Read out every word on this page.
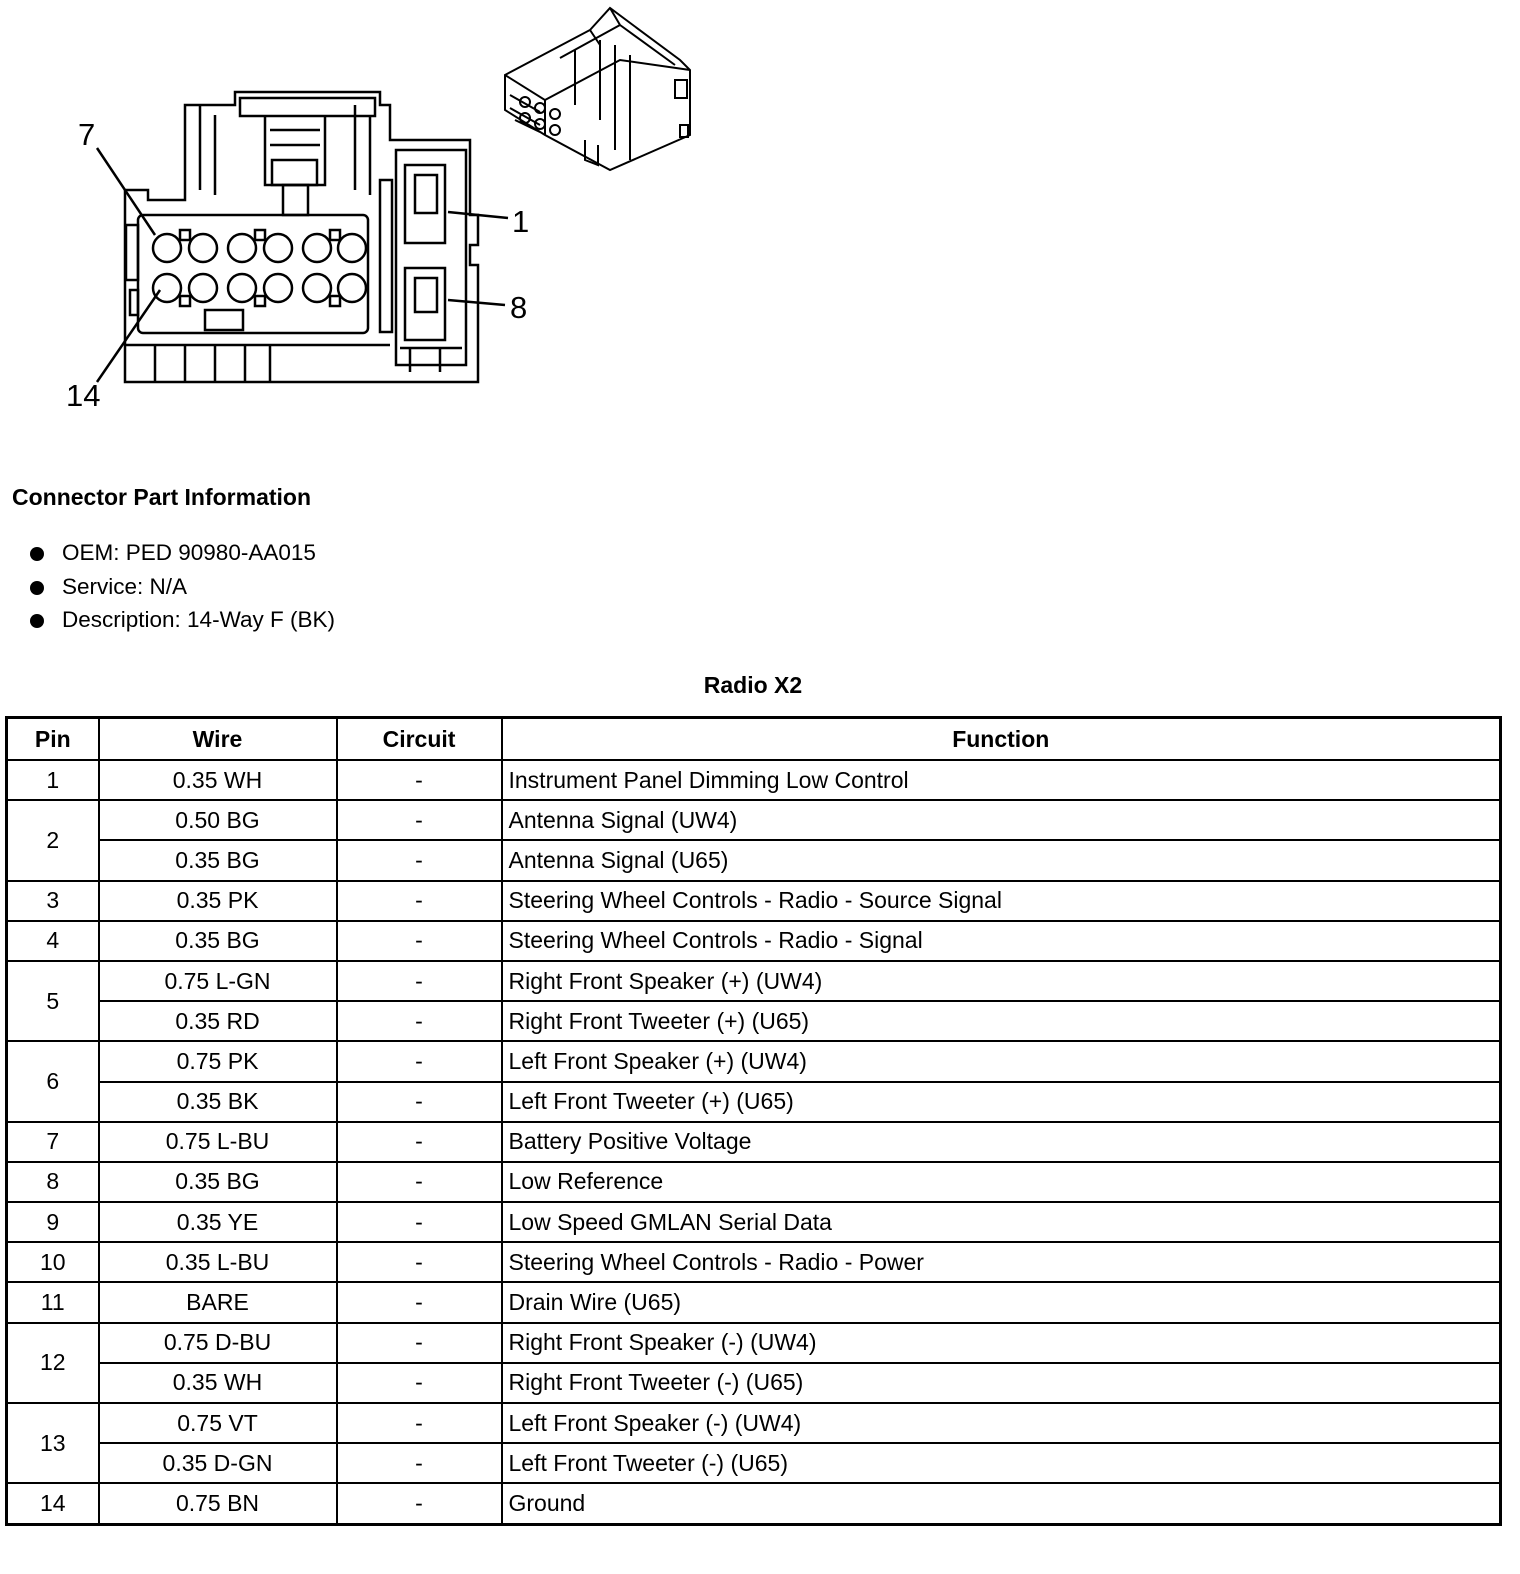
7
1
8
14
Connector Part Information
OEM: PED 90980-AA015
Service: N/A
Description: 14-Way F (BK)
Radio X2
Pin	Wire	Circuit	Function
1	0.35 WH	-	Instrument Panel Dimming Low Control
2	0.50 BG	-	Antenna Signal (UW4)
	0.35 BG	-	Antenna Signal (U65)
3	0.35 PK	-	Steering Wheel Controls - Radio - Source Signal
4	0.35 BG	-	Steering Wheel Controls - Radio - Signal
5	0.75 L-GN	-	Right Front Speaker (+) (UW4)
	0.35 RD	-	Right Front Tweeter (+) (U65)
6	0.75 PK	-	Left Front Speaker (+) (UW4)
	0.35 BK	-	Left Front Tweeter (+) (U65)
7	0.75 L-BU	-	Battery Positive Voltage
8	0.35 BG	-	Low Reference
9	0.35 YE	-	Low Speed GMLAN Serial Data
10	0.35 L-BU	-	Steering Wheel Controls - Radio - Power
11	BARE	-	Drain Wire (U65)
12	0.75 D-BU	-	Right Front Speaker (-) (UW4)
	0.35 WH	-	Right Front Tweeter (-) (U65)
13	0.75 VT	-	Left Front Speaker (-) (UW4)
	0.35 D-GN	-	Left Front Tweeter (-) (U65)
14	0.75 BN	-	Ground
